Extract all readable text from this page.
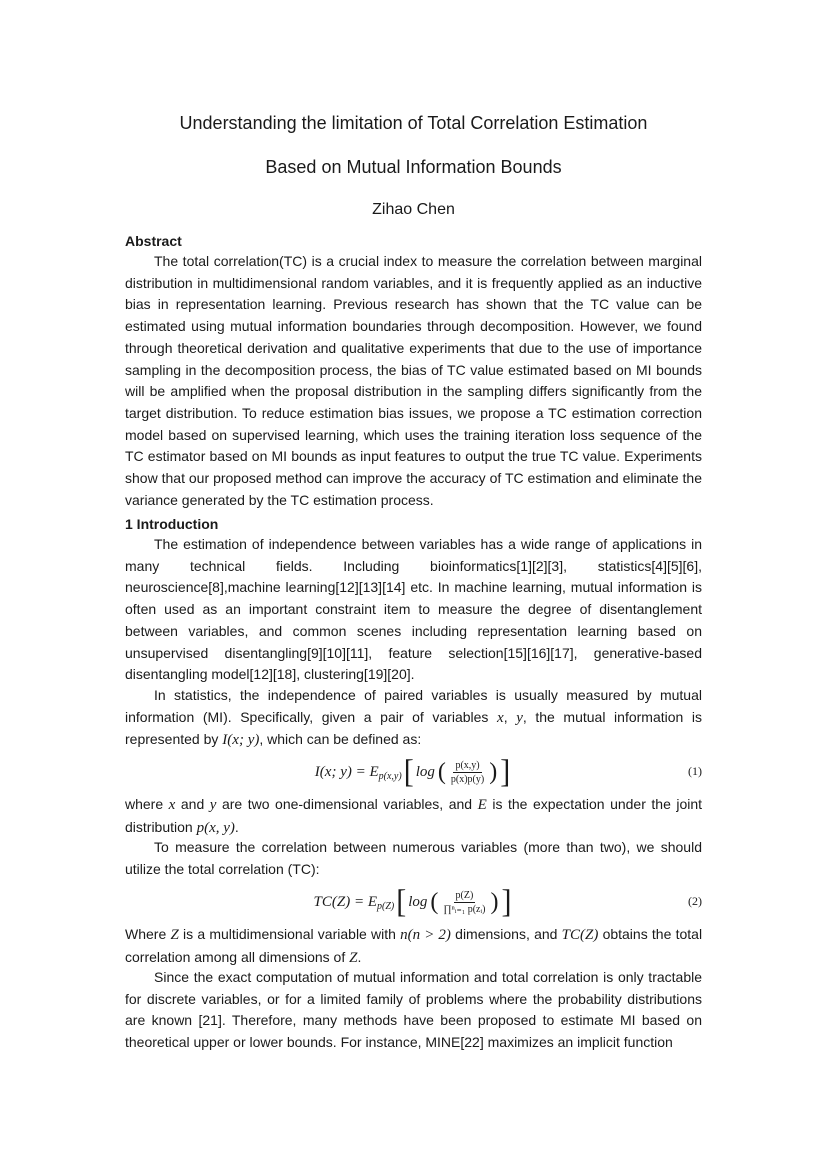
Understanding the limitation of Total Correlation Estimation
Based on Mutual Information Bounds
Zihao Chen
Abstract

The total correlation(TC) is a crucial index to measure the correlation between marginal distribution in multidimensional random variables, and it is frequently applied as an inductive bias in representation learning. Previous research has shown that the TC value can be estimated using mutual information boundaries through decomposition. However, we found through theoretical derivation and qualitative experiments that due to the use of importance sampling in the decomposition process, the bias of TC value estimated based on MI bounds will be amplified when the proposal distribution in the sampling differs significantly from the target distribution. To reduce estimation bias issues, we propose a TC estimation correction model based on supervised learning, which uses the training iteration loss sequence of the TC estimator based on MI bounds as input features to output the true TC value. Experiments show that our proposed method can improve the accuracy of TC estimation and eliminate the variance generated by the TC estimation process.

1 Introduction

The estimation of independence between variables has a wide range of applications in many technical fields. Including bioinformatics[1][2][3], statistics[4][5][6], neuroscience[8],machine learning[12][13][14] etc. In machine learning, mutual information is often used as an important constraint item to measure the degree of disentanglement between variables, and common scenes including representation learning based on unsupervised disentangling[9][10][11], feature selection[15][16][17], generative-based disentangling model[12][18], clustering[19][20].

In statistics, the independence of paired variables is usually measured by mutual information (MI). Specifically, given a pair of variables x, y, the mutual information is represented by I(x; y), which can be defined as:

I(x; y) = E p(x,y) [ log ( $\frac{p(x,y)}{p(x)p(y)}$ ) ]	(1)

where x and y are two one-dimensional variables, and E is the expectation under the joint distribution p(x, y).

To measure the correlation between numerous variables (more than two), we should utilize the total correlation (TC):

TC(Z) = E p(Z) [ log ( $\frac{p(Z)}{\text{∏ⁿᵢ₌₁ p(zᵢ)}}$ ) ]	(2)

Where Z is a multidimensional variable with n(n > 2) dimensions, and TC(Z) obtains the total correlation among all dimensions of Z.

Since the exact computation of mutual information and total correlation is only tractable for discrete variables, or for a limited family of problems where the probability distributions are known [21]. Therefore, many methods have been proposed to estimate MI based on theoretical upper or lower bounds. For instance, MINE[22] maximizes an implicit function
